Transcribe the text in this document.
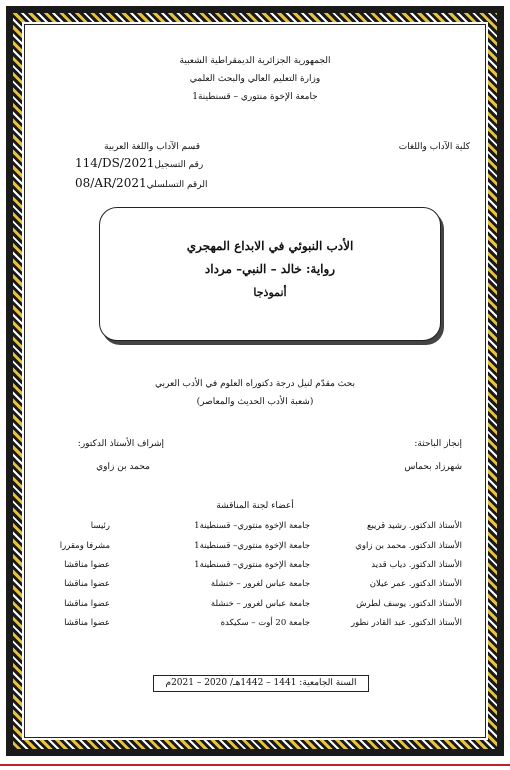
الجمهورية الجزائرية الديمقراطية الشعبية
وزارة التعليم العالي والبحث العلمي
جامعة الإخوة منتوري – قسنطينة1
كلية الآداب واللغات
قسم الآداب واللغة العربية
114/DS/2021رقم التسجيل
08/AR/2021الرقم التسلسلي
الأدب النبوئي في الابداع المهجري
رواية: خالد – النبي– مرداد
أنموذجا
بحث مقدّم لنيل درجة دكتوراه العلوم في الأدب العربي
(شعبة الأدب الحديث والمعاصر)
إنجاز الباحثة:
إشراف الأستاذ الدكتور:
شهرزاد بحماس
محمد بن زاوي
أعضاء لجنة المناقشة
الأستاذ الدكتور. رشيد قريبع
جامعة الإخوة منتوري– قسنطينة1
رئيسا
الأستاذ الدكتور. محمد بن زاوي
جامعة الإخوة منتوري– قسنطينة1
مشرفا ومقررا
الأستاذ الدكتور. دياب قديد
جامعة الإخوة منتوري– قسنطينة1
عضوا مناقشا
الأستاذ الدكتور. عمر عيلان
جامعة عباس لغرور – خنشلة
عضوا مناقشا
الأستاذ الدكتور. يوسف لطرش
جامعة عباس لغرور – خنشلة
عضوا مناقشا
الأستاذ الدكتور. عبد القادر نطور
جامعة 20 أوت – سكيكدة
عضوا مناقشا
السنة الجامعية: 1441 – 1442هـ/ 2020 – 2021م
